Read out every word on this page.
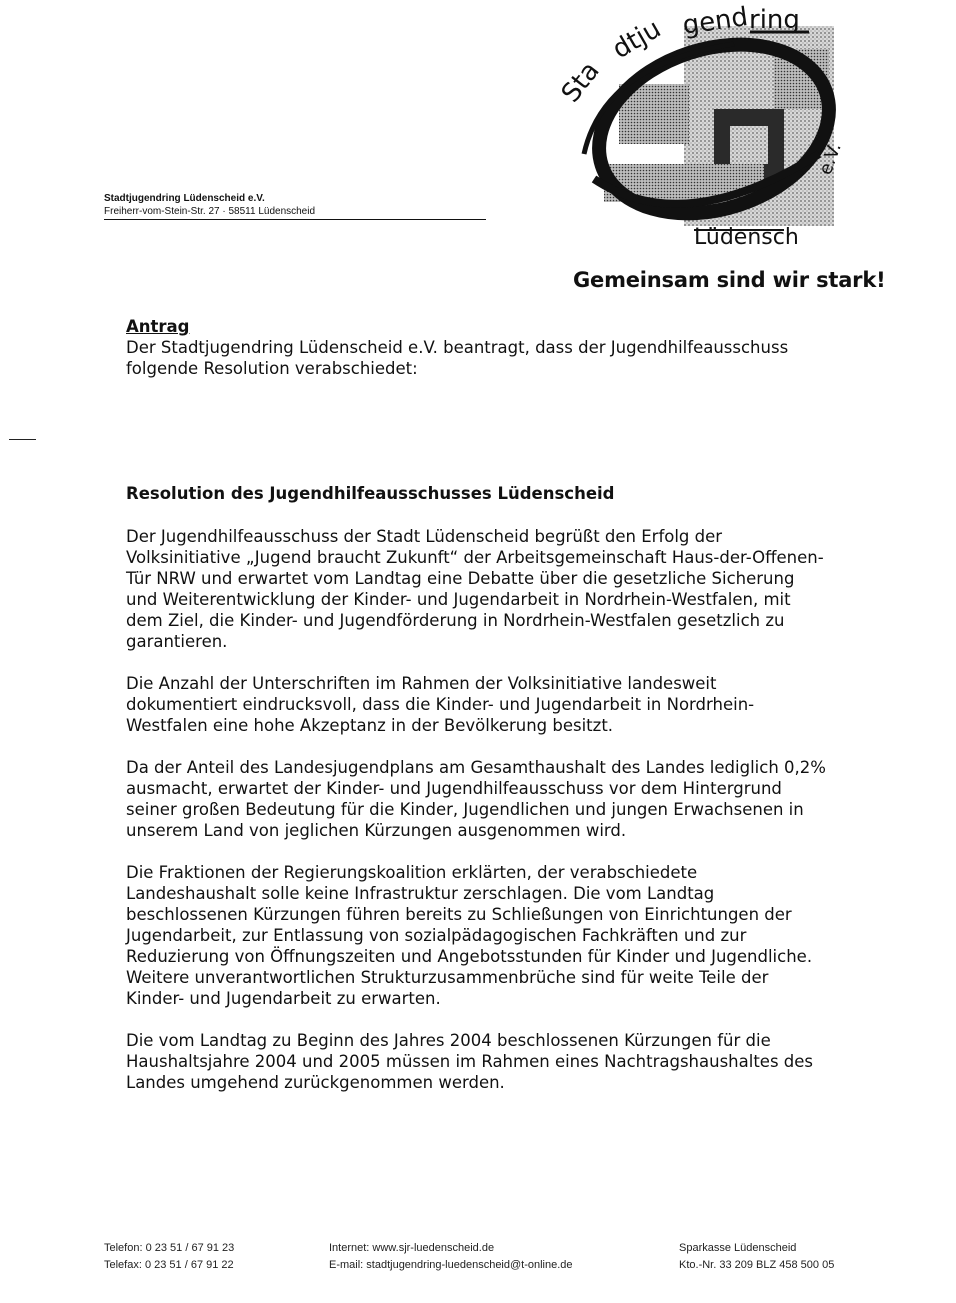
Stadtjugendring Lüdenscheid e.V.
Freiherr-vom-Stein-Str. 27 · 58511 Lüdenscheid
Sta
dtju gend ring
Lüdensch
e.V.
Gemeinsam sind wir stark!
Antrag
Der Stadtjugendring Lüdenscheid e.V. beantragt, dass der Jugendhilfeausschuss folgende Resolution verabschiedet:
Resolution des Jugendhilfeausschusses Lüdenscheid

Der Jugendhilfeausschuss der Stadt Lüdenscheid begrüßt den Erfolg der Volksinitiative „Jugend braucht Zukunft“ der Arbeitsgemeinschaft Haus-der-Offenen-Tür NRW und erwartet vom Landtag eine Debatte über die gesetzliche Sicherung und Weiterentwicklung der Kinder- und Jugendarbeit in Nordrhein-Westfalen, mit dem Ziel, die Kinder- und Jugendförderung in Nordrhein-Westfalen gesetzlich zu garantieren.

Die Anzahl der Unterschriften im Rahmen der Volksinitiative landesweit dokumentiert eindrucksvoll, dass die Kinder- und Jugendarbeit in Nordrhein-Westfalen eine hohe Akzeptanz in der Bevölkerung besitzt.

Da der Anteil des Landesjugendplans am Gesamthaushalt des Landes lediglich 0,2% ausmacht, erwartet der Kinder- und Jugendhilfeausschuss vor dem Hintergrund seiner großen Bedeutung für die Kinder, Jugendlichen und jungen Erwachsenen in unserem Land von jeglichen Kürzungen ausgenommen wird.

Die Fraktionen der Regierungskoalition erklärten, der verabschiedete Landeshaushalt solle keine Infrastruktur zerschlagen. Die vom Landtag beschlossenen Kürzungen führen bereits zu Schließungen von Einrichtungen der Jugendarbeit, zur Entlassung von sozialpädagogischen Fachkräften und zur Reduzierung von Öffnungszeiten und Angebotsstunden für Kinder und Jugendliche. Weitere unverantwortlichen Strukturzusammenbrüche sind für weite Teile der Kinder- und Jugendarbeit zu erwarten.

Die vom Landtag zu Beginn des Jahres 2004 beschlossenen Kürzungen für die Haushaltsjahre 2004 und 2005 müssen im Rahmen eines Nachtragshaushaltes des Landes umgehend zurückgenommen werden.

Telefon: 0 23 51 / 67 91 23
Telefax: 0 23 51 / 67 91 22
Internet: www.sjr-luedenscheid.de
E-mail: stadtjugendring-luedenscheid@t-online.de
Sparkasse Lüdenscheid
Kto.-Nr. 33 209 BLZ 458 500 05
